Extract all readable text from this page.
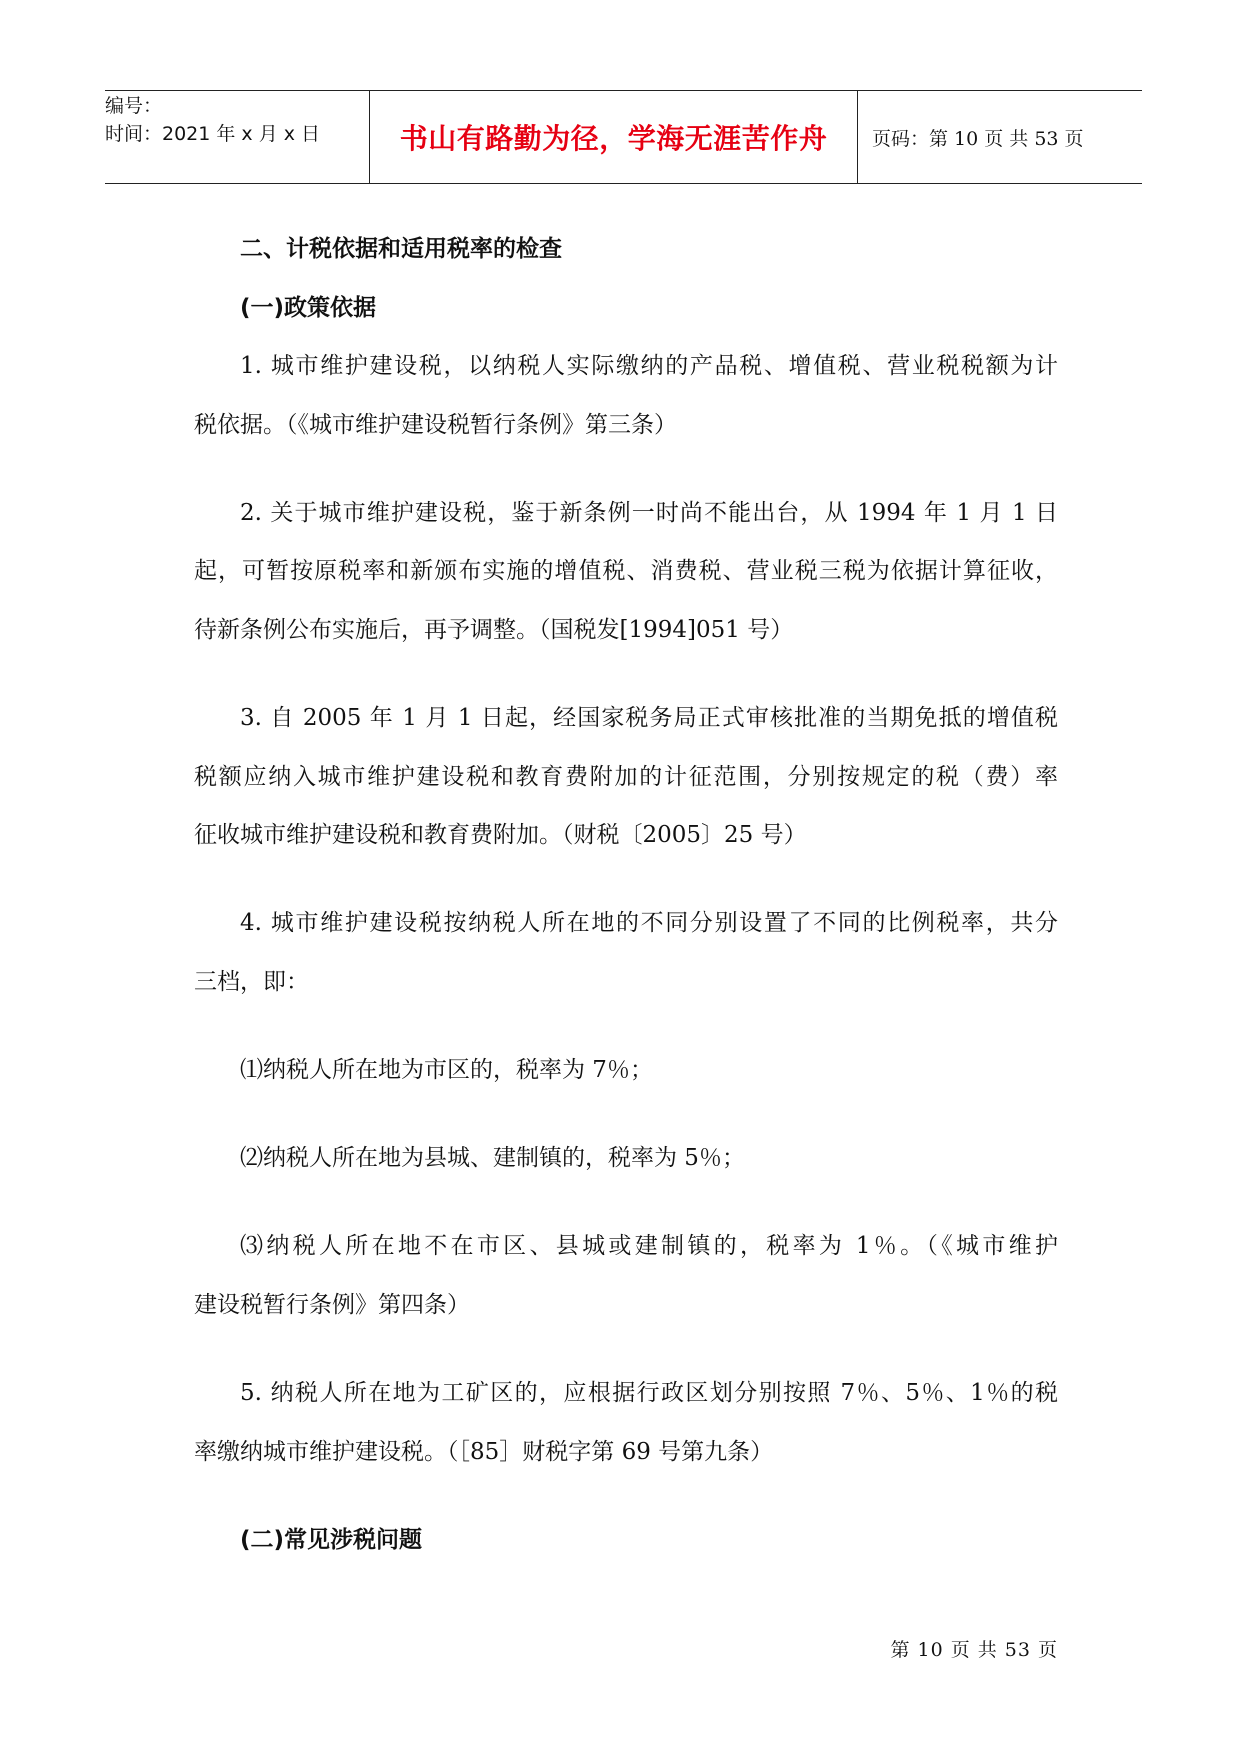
编号：
时间：2021 年 x 月 x 日	书山有路勤为径，学海无涯苦作舟 页码：第 10 页 共 53 页
二、计税依据和适用税率的检查
(一)政策依据
1. 城市维护建设税，以纳税人实际缴纳的产品税、增值税、营业税税额为计
税依据。（《城市维护建设税暂行条例》第三条）
2. 关于城市维护建设税，鉴于新条例一时尚不能出台，从 1994 年 1 月 1 日
起，可暂按原税率和新颁布实施的增值税、消费税、营业税三税为依据计算征收，
待新条例公布实施后，再予调整。（国税发[1994]051 号）
3. 自 2005 年 1 月 1 日起，经国家税务局正式审核批准的当期免抵的增值税
税额应纳入城市维护建设税和教育费附加的计征范围，分别按规定的税（费）率
征收城市维护建设税和教育费附加。（财税〔2005〕25 号）
4. 城市维护建设税按纳税人所在地的不同分别设置了不同的比例税率，共分
三档，即：
⑴纳税人所在地为市区的，税率为 7％；
⑵纳税人所在地为县城、建制镇的，税率为 5％；
⑶纳税人所在地不在市区、县城或建制镇的，税率为 1％。（《城市维护
建设税暂行条例》第四条）
5. 纳税人所在地为工矿区的，应根据行政区划分别按照 7％、5％、1％的税
率缴纳城市维护建设税。（［85］财税字第 69 号第九条）
(二)常见涉税问题
第 10 页 共 53 页
